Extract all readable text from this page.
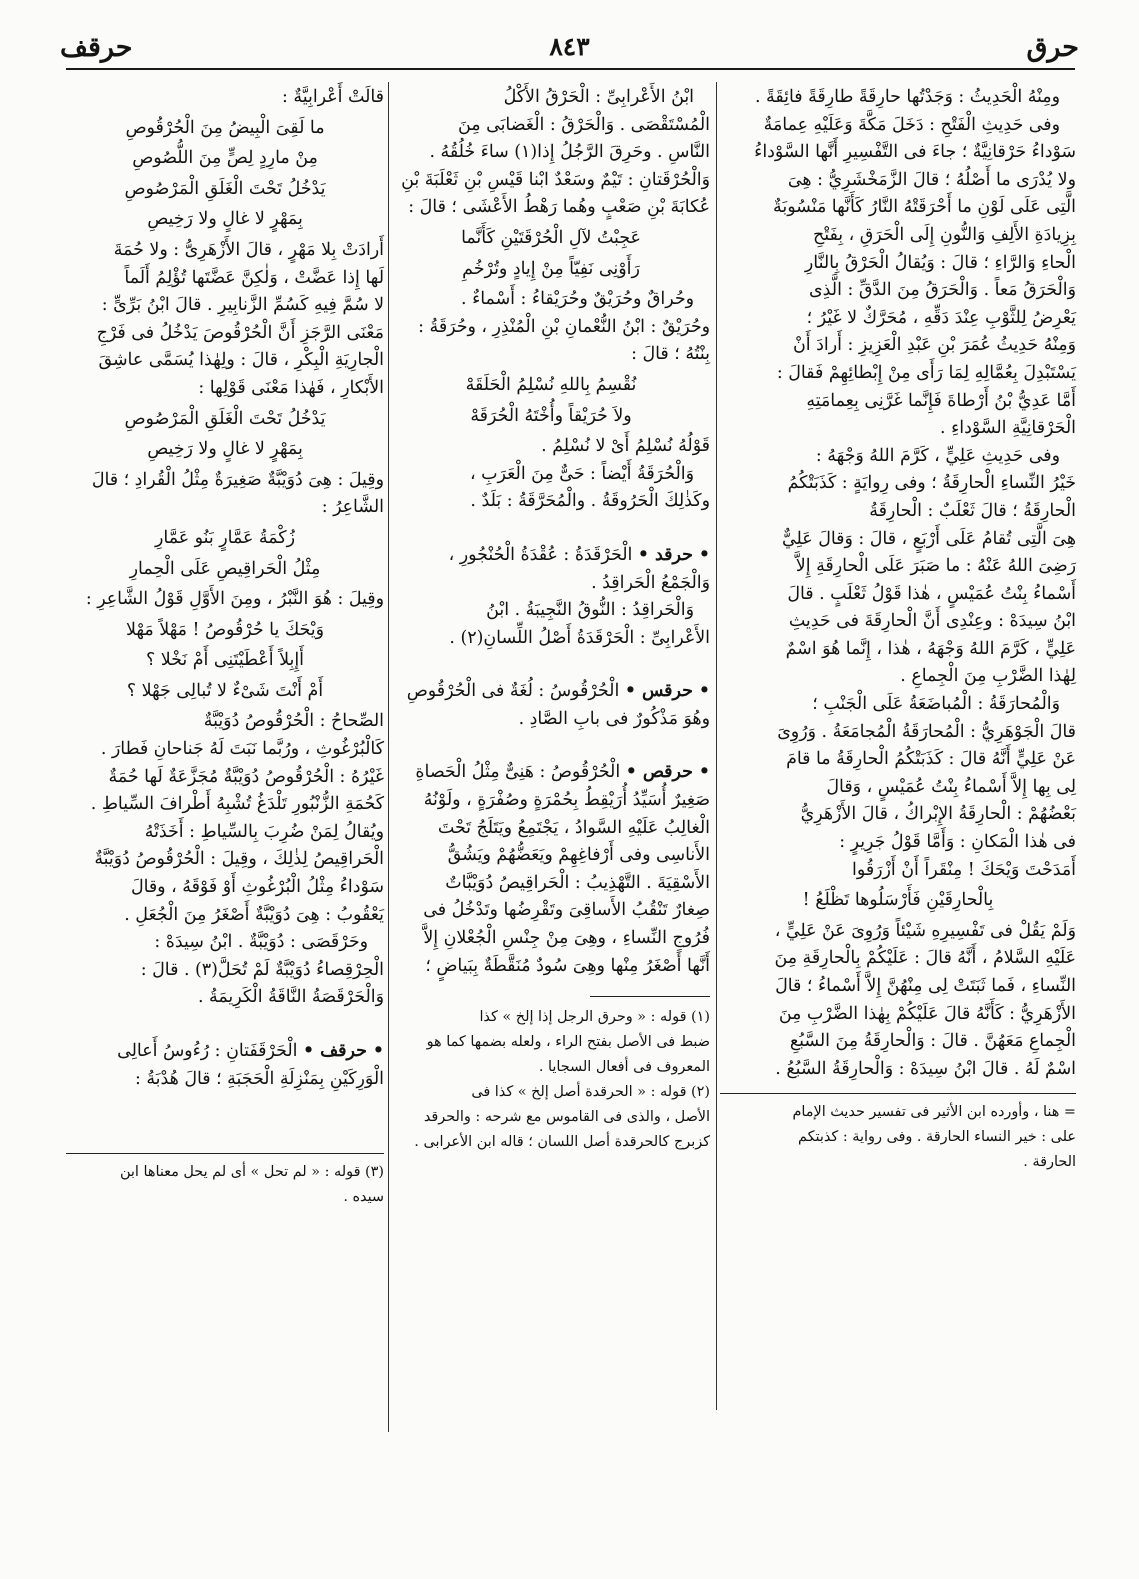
حرق
٨٤٣
حرقف

ومِنْهُ الْحَدِيثُ : وَجَدْتُها حارِقَةً طارِقَةً فائِقَةً .

وفى حَدِيثِ الْفَتْحِ : دَخَلَ مَكَّةَ وَعَلَيْهِ عِمامَةٌ

سَوْداءُ حَرْقانِيَّةٌ ؛ جاءَ فى التَّفْسِيرِ أَنَّها السَّوْداءُ

ولا يُدْرَى ما أَصْلُهُ ؛ قالَ الزَّمَخْشَرِيُّ : هِىَ

الَّتِى عَلَى لَوْنِ ما أَحْرَقَتْهُ النَّارُ كَأَنَّها مَنْسُوبَةٌ

بِزِيادَةِ الأَلِفِ وَالنُّونِ إِلَى الْحَرَقِ ، بِفَتْحِ

الْحاءِ وَالرَّاءِ ؛ قالَ : وَيُقالُ الْحَرْقُ بِالنَّارِ

وَالْحَرَقُ مَعاً . وَالْحَرَقُ مِنَ الدَّقِّ : الَّذِى

يَعْرِضُ لِلثَّوْبِ عِنْدَ دَقِّهِ ، مُحَرَّكٌ لا غَيْرُ ؛

وَمِنْهُ حَدِيثُ عُمَرَ بْنِ عَبْدِ الْعَزِيزِ : أَرادَ أَنْ

يَسْتَبْدِلَ بِعُمَّالِهِ لِمَا رَأَى مِنْ إِبْطائِهِمْ فَقالَ :

أَمَّا عَدِيُّ بْنُ أَرْطاةَ فَإِنَّما غَرَّنِى بِعِمامَتِهِ

الْحَرْقانِيَّةِ السَّوْداءِ .

وفى حَدِيثِ عَلِيٍّ ، كَرَّمَ اللهُ وَجْهَهُ :

خَيْرُ النِّساءِ الْحارِقَةُ ؛ وفى رِوايَةٍ : كَذَبَتْكُمُ

الْحارِقَةُ ؛ قالَ ثَعْلَبٌ : الْحارِقَةُ

هِىَ الَّتِى تُقامُ عَلَى أَرْبَعٍ ، قالَ : وَقالَ عَلِيٌّ

رَضِىَ اللهُ عَنْهُ : ما صَبَرَ عَلَى الْحارِقَةِ إِلاَّ

أَسْماءُ بِنْتُ عُمَيْسٍ ، هٰذا قَوْلُ ثَعْلَبٍ . قالَ

ابْنُ سِيدَهْ : وعِنْدِى أَنَّ الْحارِقَةَ فى حَدِيثِ

عَلِيٍّ ، كَرَّمَ اللهُ وَجْهَهُ ، هٰذا ، إِنَّما هُوَ اسْمٌ

لِهٰذا الضَّرْبِ مِنَ الْجِماعِ .

وَالْمُحارَقَةُ : الْمُباضَعَةُ عَلَى الْجَنْبِ ؛

قالَ الْجَوْهَرِيُّ : الْمُحارَقَةُ الْمُجامَعَةُ . وَرُوِىَ

عَنْ عَلِيٍّ أَنَّهُ قالَ : كَذَبَتْكُمُ الْحارِقَةُ ما قامَ

لِى بِها إِلاَّ أَسْماءُ بِنْتُ عُمَيْسٍ ، وَقالَ

بَعْضُهُمْ : الْحارِقَةُ الإِبْراكُ ، قالَ الأَزْهَرِيُّ

فى هٰذا الْمَكانِ : وَأَمَّا قَوْلُ جَرِيرٍ :

أَمَدَحْتَ وَيْحَكَ ! مِنْقَراً أَنْ أَزْرَقُوا

بِالْحارِقَيْنِ فَأَرْسَلُوها تَظْلَعُ !

وَلَمْ يَقُلْ فى تَفْسِيرِهِ شَيْئاً وَرُوِىَ عَنْ عَلِيٍّ ،

عَلَيْهِ السَّلامُ ، أَنَّهُ قالَ : عَلَيْكُمْ بِالْحارِقَةِ مِنَ

النِّساءِ ، فَما ثَبَتَتْ لِى مِنْهُنَّ إِلاَّ أَسْماءُ ؛ قالَ

الأَزْهَرِيُّ : كَأَنَّهُ قالَ عَلَيْكُمْ بِهٰذا الضَّرْبِ مِنَ

الْجِماعِ مَعَهُنَّ . قالَ : وَالْحارِقَةُ مِنَ السَّبُعِ

اسْمٌ لَهُ . قالَ ابْنُ سِيدَهْ : وَالْحارِقَةُ السَّبُعُ .

= هنا ، وأورده ابن الأثير فى تفسير حديث الإمام

على : خير النساء الحارقة . وفى رواية : كذبتكم

الحارقة .

ابْنُ الأَعْرابِىِّ : الْحَرْقُ الأَكْلُ

الْمُسْتَقْصَى . وَالْحَرْقُ : الْغَضابَى مِنَ

النَّاسِ . وحَرِقَ الرَّجُلُ إِذا(١) ساءَ خُلُقُهُ .

وَالْحُرْقَتانِ : تَيْمٌ وسَعْدٌ ابْنا قَيْسِ بْنِ ثَعْلَبَةَ بْنِ

عُكابَةَ بْنِ صَعْبٍ وهُما رَهْطُ الأَعْشَى ؛ قالَ :

عَجِبْتُ لآلِ الْحُرْقَتَيْنِ كَأَنَّما

رَأَوْنِى نَفِيّاً مِنْ إِيادٍ وتُرْخُمِ

وحُراقٌ وحُرَيْقٌ وحُرَيْقاءُ : أَسْماءٌ .

وحُرَيْقٌ : ابْنُ النُّعْمانِ بْنِ الْمُنْذِرِ ، وحُرَقَةُ :

بِنْتُهُ ؛ قالَ :

نُقْسِمُ بِاللهِ نُسْلِمُ الْحَلَقَهْ

ولاَ حُرَيْقاً وأُخْتَهُ الْحُرَقَهْ

قَوْلُهُ نُسْلِمُ أَىْ لا نُسْلِمُ .

وَالْحُرَقَةُ أَيْضاً : حَىٌّ مِنَ الْعَرَبِ ،

وكَذٰلِكَ الْحَرُوقَةُ . والْمُحَرَّقَةُ : بَلَدٌ .

• حرقد • الْحَرْقَدَةُ : عُقْدَةُ الْحُنْجُورِ ،

وَالْجَمْعُ الْحَراقِدُ .

وَالْحَراقِدُ : النُّوقُ النَّجِيبَةُ . ابْنُ

الأَعْرابِىِّ : الْحَرْقَدَةُ أَصْلُ اللِّسانِ(٢) .

• حرقس • الْحُرْقُوسُ : لُغَةٌ فى الْحُرْقُوصِ

وهُوَ مَذْكُورٌ فى بابِ الصَّادِ .

• حرقص • الْحُرْقُوصُ : هَنِىٌّ مِثْلُ الْحَصاةِ

صَغِيرٌ أُسَيِّدُ أُرَيْقِطُ بِحُمْرَةٍ وصُفْرَةٍ ، ولَوْنُهُ

الْغالِبُ عَلَيْهِ السَّوادُ ، يَجْتَمِعُ ويَتَلَجُ تَحْتَ

الأَناسِى وفى أَرْفاغِهِمْ ويَعَضُّهُمْ ويَشُقُّ

الأَسْقِيَةَ . التَّهْذِيبُ : الْحَراقِيصُ دُوَيْبَّاتٌ

صِغارٌ تَنْقُبُ الأَساقِىَ وتَقْرِضُها وتَدْخُلُ فى

فُرُوجِ النِّساءِ ، وهِىَ مِنْ جِنْسِ الْجُعْلانِ إِلاَّ

أَنَّها أَصْغَرُ مِنْها وهِىَ سُودٌ مُنَقَّطَةٌ بِبَياضٍ ؛

(١) قوله : « وحرق الرجل إذا إلخ » كذا

ضبط فى الأصل بفتح الراء ، ولعله بضمها كما هو

المعروف فى أفعال السجايا .

(٢) قوله : « الحرقدة أصل إلخ » كذا فى

الأصل ، والذى فى القاموس مع شرحه : والحرقد

كزبرج كالحرقدة أصل اللسان ؛ قاله ابن الأعرابى .

قالَتْ أَعْرابِيَّةٌ :

ما لَقِىَ الْبِيضُ مِنَ الْحُرْقُوصِ

مِنْ مارِدٍ لِصٍّ مِنَ اللُّصُوصِ

يَدْخُلُ تَحْتَ الْغَلَقِ الْمَرْصُوصِ

بِمَهْرٍ لا غالٍ ولا رَخِيصِ

أَرادَتْ بِلا مَهْرٍ ، قالَ الأَزْهَرِىُّ : ولا حُمَةَ

لَها إِذا عَضَّتْ ، وَلٰكِنَّ عَضَّتَها تُؤْلِمُ أَلَماً

لا سُمَّ فِيهِ كَسُمِّ الزَّنابِيرِ . قالَ ابْنُ بَرِّىٍّ :

مَعْنَى الرَّجَزِ أَنَّ الْحُرْقُوصَ يَدْخُلُ فى فَرْجِ

الْجارِيَةِ الْبِكْرِ ، قالَ : ولِهٰذا يُسَمَّى عاشِقَ

الأَبْكارِ ، فَهٰذا مَعْنَى قَوْلِها :

يَدْخُلُ تَحْتَ الْغَلَقِ الْمَرْصُوصِ

بِمَهْرٍ لا غالٍ ولا رَخِيصِ

وقِيلَ : هِىَ دُوَيْبَّةٌ صَغِيرَةٌ مِثْلُ الْقُرادِ ؛ قالَ

الشَّاعِرُ :

زُكْمَةُ عَمَّارٍ بَنُو عَمَّارِ

مِثْلُ الْحَراقِيصِ عَلَى الْحِمارِ

وقِيلَ : هُوَ النَّبْرُ ، ومِنَ الأَوَّلِ قَوْلُ الشَّاعِرِ :

وَيْحَكَ يا حُرْقُوصُ ! مَهْلاً مَهْلا

أَإِبِلاً أَعْطَيْتَنِى أَمْ نَخْلا ؟

أَمْ أَنْتَ شَىْءٌ لا تُبالِى جَهْلا ؟

الصِّحاحُ : الْحُرْقُوصُ دُوَيْبَّةٌ

كَالْبُرْغُوثِ ، ورُبَّما نَبَتَ لَهُ جَناحانِ فَطارَ .

غَيْرُهُ : الْحُرْقُوصُ دُوَيْبَّةٌ مُجَزَّعَةٌ لَها حُمَةٌ

كَحُمَةِ الزُّنْبُورِ تَلْدَغُ تُشْبِهُ أَطْرافَ السِّياطِ .

ويُقالُ لِمَنْ ضُرِبَ بِالسِّياطِ : أَخَذَتْهُ

الْحَراقِيصُ لِذٰلِكَ ، وقِيلَ : الْحُرْقُوصُ دُوَيْبَّةٌ

سَوْداءُ مِثْلُ الْبُرْغُوثِ أَوْ فَوْقَهُ ، وقالَ

يَعْقُوبُ : هِىَ دُوَيْبَّةٌ أَصْغَرُ مِنَ الْجُعَلِ .

وحَرْقَصَى : دُوَيْبَّةٌ . ابْنُ سِيدَهْ :

الْحِرْقِصاءُ دُوَيْبَّةٌ لَمْ تُحَلَّ(٣) . قالَ :

وَالْحَرْقَصَةُ النَّاقَةُ الْكَرِيمَةُ .

• حرقف • الْحَرْقَفَتانِ : رُءُوسُ أَعالِى

الْوَرِكَيْنِ بِمَنْزِلَةِ الْحَجَبَةِ ؛ قالَ هُدْبَةُ :

(٣) قوله : « لم تحل » أى لم يحل معناها ابن

سيده .
